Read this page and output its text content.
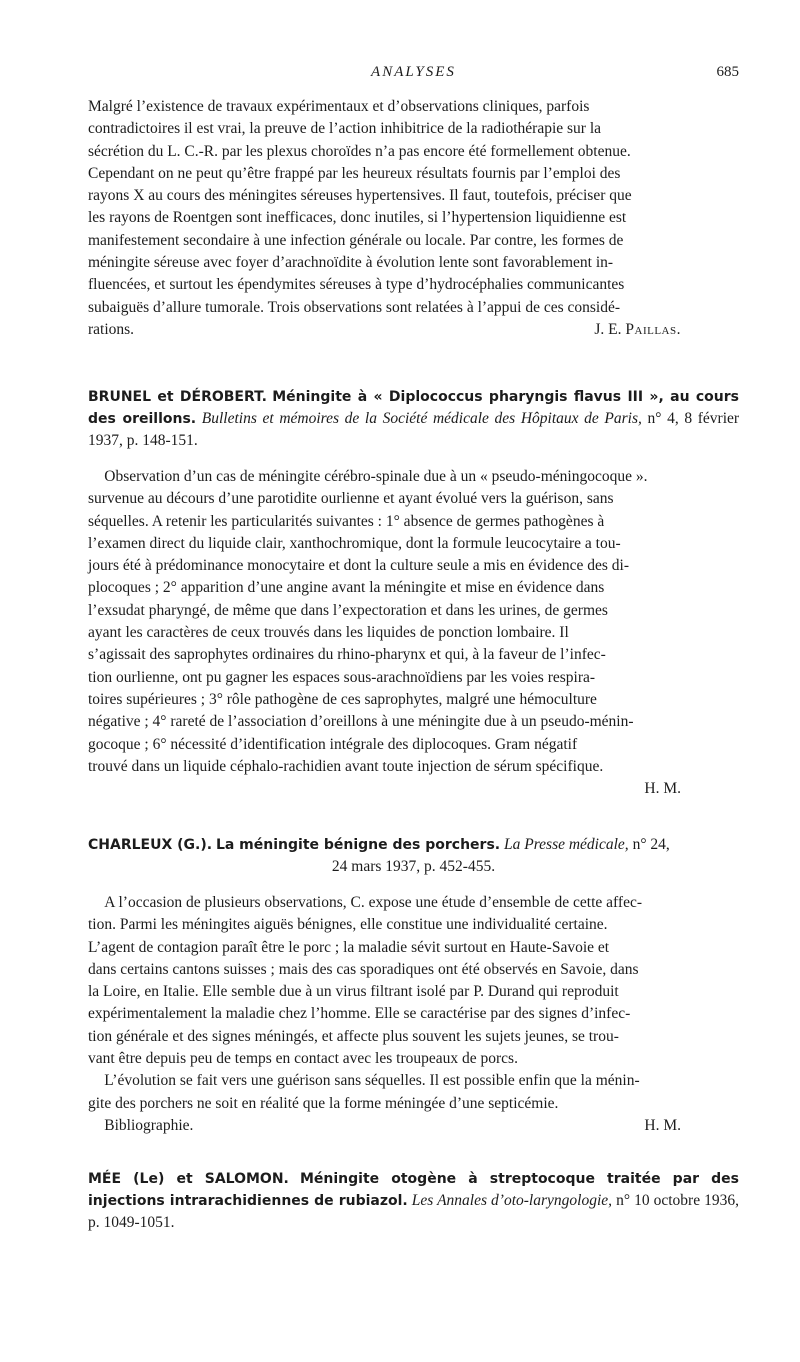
ANALYSES	685

Malgré l’existence de travaux expérimentaux et d’observations cliniques, parfois

contradictoires il est vrai, la preuve de l’action inhibitrice de la radiothérapie sur la

sécrétion du L. C.-R. par les plexus choroïdes n’a pas encore été formellement obtenue.

Cependant on ne peut qu’être frappé par les heureux résultats fournis par l’emploi des

rayons X au cours des méningites séreuses hypertensives. Il faut, toutefois, préciser que

les rayons de Roentgen sont inefficaces, donc inutiles, si l’hypertension liquidienne est

manifestement secondaire à une infection générale ou locale. Par contre, les formes de

méningite séreuse avec foyer d’arachnoïdite à évolution lente sont favorablement in-

fluencées, et surtout les épendymites séreuses à type d’hydrocéphalies communicantes

subaiguës d’allure tumorale. Trois observations sont relatées à l’appui de ces considé-

rations.	J. E. Paillas.

BRUNEL et DÉROBERT. Méningite à « Diplococcus pharyngis flavus III », au cours des oreillons. Bulletins et mémoires de la Société médicale des Hôpitaux de Paris, n° 4, 8 février 1937, p. 148-151.

Observation d’un cas de méningite cérébro-spinale due à un « pseudo-méningocoque ».

survenue au décours d’une parotidite ourlienne et ayant évolué vers la guérison, sans

séquelles. A retenir les particularités suivantes : 1° absence de germes pathogènes à

l’examen direct du liquide clair, xanthochromique, dont la formule leucocytaire a tou-

jours été à prédominance monocytaire et dont la culture seule a mis en évidence des di-

plocoques ; 2° apparition d’une angine avant la méningite et mise en évidence dans

l’exsudat pharyngé, de même que dans l’expectoration et dans les urines, de germes

ayant les caractères de ceux trouvés dans les liquides de ponction lombaire. Il

s’agissait des saprophytes ordinaires du rhino-pharynx et qui, à la faveur de l’infec-

tion ourlienne, ont pu gagner les espaces sous-arachnoïdiens par les voies respira-

toires supérieures ; 3° rôle pathogène de ces saprophytes, malgré une hémoculture

négative ; 4° rareté de l’association d’oreillons à une méningite due à un pseudo-ménin-

gocoque ; 6° nécessité d’identification intégrale des diplocoques. Gram négatif

trouvé dans un liquide céphalo-rachidien avant toute injection de sérum spécifique.

H. M.

CHARLEUX (G.). La méningite bénigne des porchers. La Presse médicale, n° 24,
24 mars 1937, p. 452-455.

A l’occasion de plusieurs observations, C. expose une étude d’ensemble de cette affec-

tion. Parmi les méningites aiguës bénignes, elle constitue une individualité certaine.

L’agent de contagion paraît être le porc ; la maladie sévit surtout en Haute-Savoie et

dans certains cantons suisses ; mais des cas sporadiques ont été observés en Savoie, dans

la Loire, en Italie. Elle semble due à un virus filtrant isolé par P. Durand qui reproduit

expérimentalement la maladie chez l’homme. Elle se caractérise par des signes d’infec-

tion générale et des signes méningés, et affecte plus souvent les sujets jeunes, se trou-

vant être depuis peu de temps en contact avec les troupeaux de porcs.

L’évolution se fait vers une guérison sans séquelles. Il est possible enfin que la ménin-

gite des porchers ne soit en réalité que la forme méningée d’une septicémie.

Bibliographie.	H. M.

MÉE (Le) et SALOMON. Méningite otogène à streptocoque traitée par des injections intrarachidiennes de rubiazol. Les Annales d’oto-laryngologie, n° 10 octobre 1936, p. 1049-1051.
